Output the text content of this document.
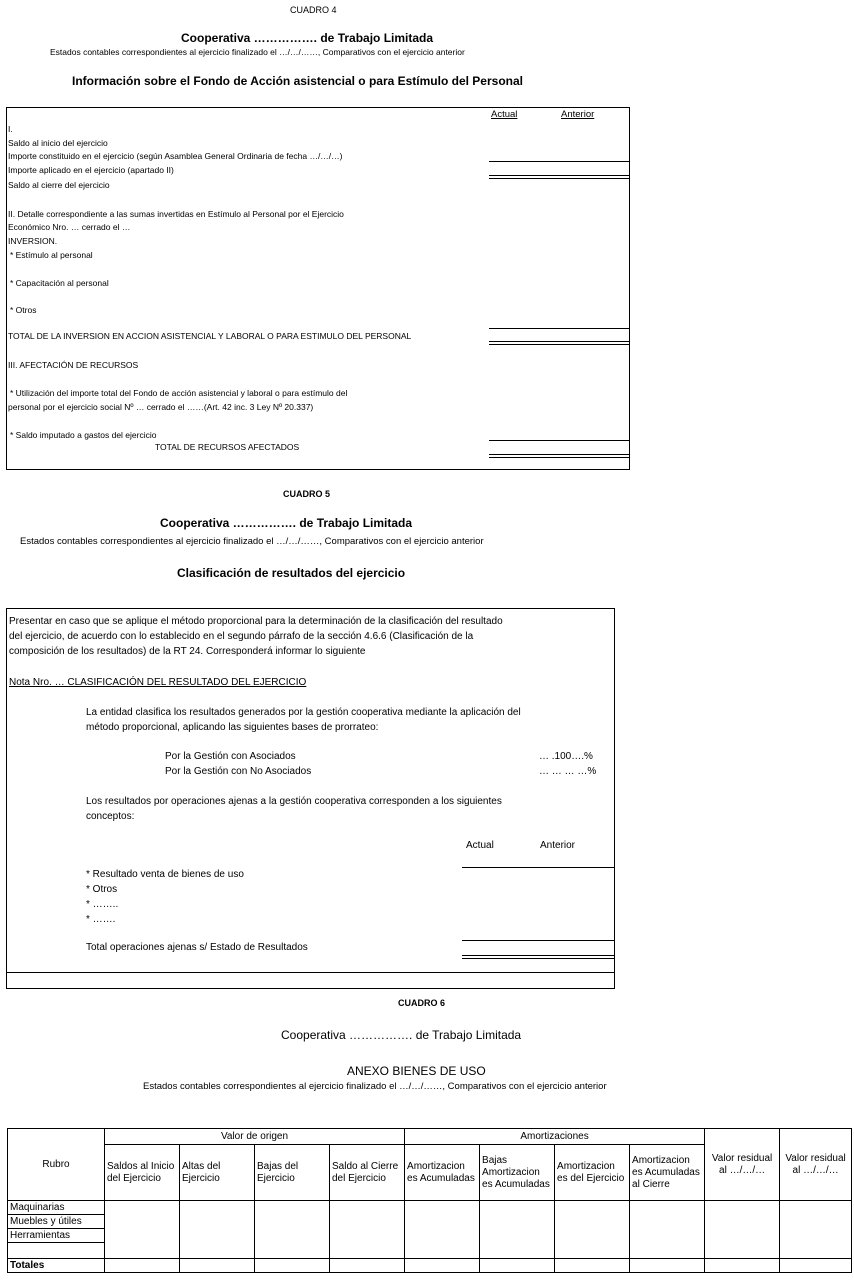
CUADRO 4
Cooperativa ……………. de Trabajo Limitada
Estados contables correspondientes al ejercicio finalizado el …/…/……, Comparativos con el ejercicio anterior
Información sobre el Fondo de Acción asistencial o para Estímulo del Personal
Actual	Anterior
I.
Saldo al inicio del ejercicio
Importe constituido en el ejercicio (según Asamblea General Ordinaria de fecha …/…/…)
Importe aplicado en el ejercicio (apartado II)
Saldo al cierre del ejercicio
II. Detalle correspondiente a las sumas invertidas en Estímulo al Personal por el Ejercicio
Económico Nro. … cerrado el …
INVERSION.
* Estímulo al personal
* Capacitación al personal
* Otros
TOTAL DE LA INVERSION EN ACCION ASISTENCIAL Y LABORAL O PARA ESTIMULO DEL PERSONAL
III. AFECTACIÓN DE RECURSOS
* Utilización del importe total del Fondo de acción asistencial y laboral o para estímulo del
personal por el ejercicio social Nº … cerrado el ……(Art. 42 inc. 3 Ley Nº 20.337)
* Saldo imputado a gastos del ejercicio
TOTAL DE RECURSOS AFECTADOS
CUADRO 5
Cooperativa ……………. de Trabajo Limitada
Estados contables correspondientes al ejercicio finalizado el …/…/……, Comparativos con el ejercicio anterior
Clasificación de resultados del ejercicio
Presentar en caso que se aplique el método proporcional para la determinación de la clasificación del resultado
del ejercicio, de acuerdo con lo establecido en el segundo párrafo de la sección 4.6.6 (Clasificación de la
composición de los resultados) de la RT 24. Corresponderá informar lo siguiente
Nota Nro. … CLASIFICACIÓN DEL RESULTADO DEL EJERCICIO
La entidad clasifica los resultados generados por la gestión cooperativa mediante la aplicación del
método proporcional, aplicando las siguientes bases de prorrateo:
Por la Gestión con Asociados	… .100….%
Por la Gestión con No Asociados	… … … …%
Los resultados por operaciones ajenas a la gestión cooperativa corresponden a los siguientes
conceptos:
Actual	Anterior
* Resultado venta de bienes de uso
* Otros
* ……..
* …….
Total operaciones ajenas s/ Estado de Resultados
CUADRO 6
Cooperativa ……………. de Trabajo Limitada
ANEXO BIENES DE USO
Estados contables correspondientes al ejercicio finalizado el …/…/……, Comparativos con el ejercicio anterior
Rubro	Valor de origen				Amortizaciones				Valor residual al …/…/…	Valor residual al …/…/…
	Saldos al Inicio del Ejercicio	Altas del Ejercicio	Bajas del Ejercicio	Saldo al Cierre del Ejercicio	Amortizacion es Acumuladas	Bajas Amortizacion es Acumuladas	Amortizacion es del Ejercicio	Amortizacion es Acumuladas al Cierre		
Maquinarias										
Muebles y útiles										
Herramientas										

Totales										
